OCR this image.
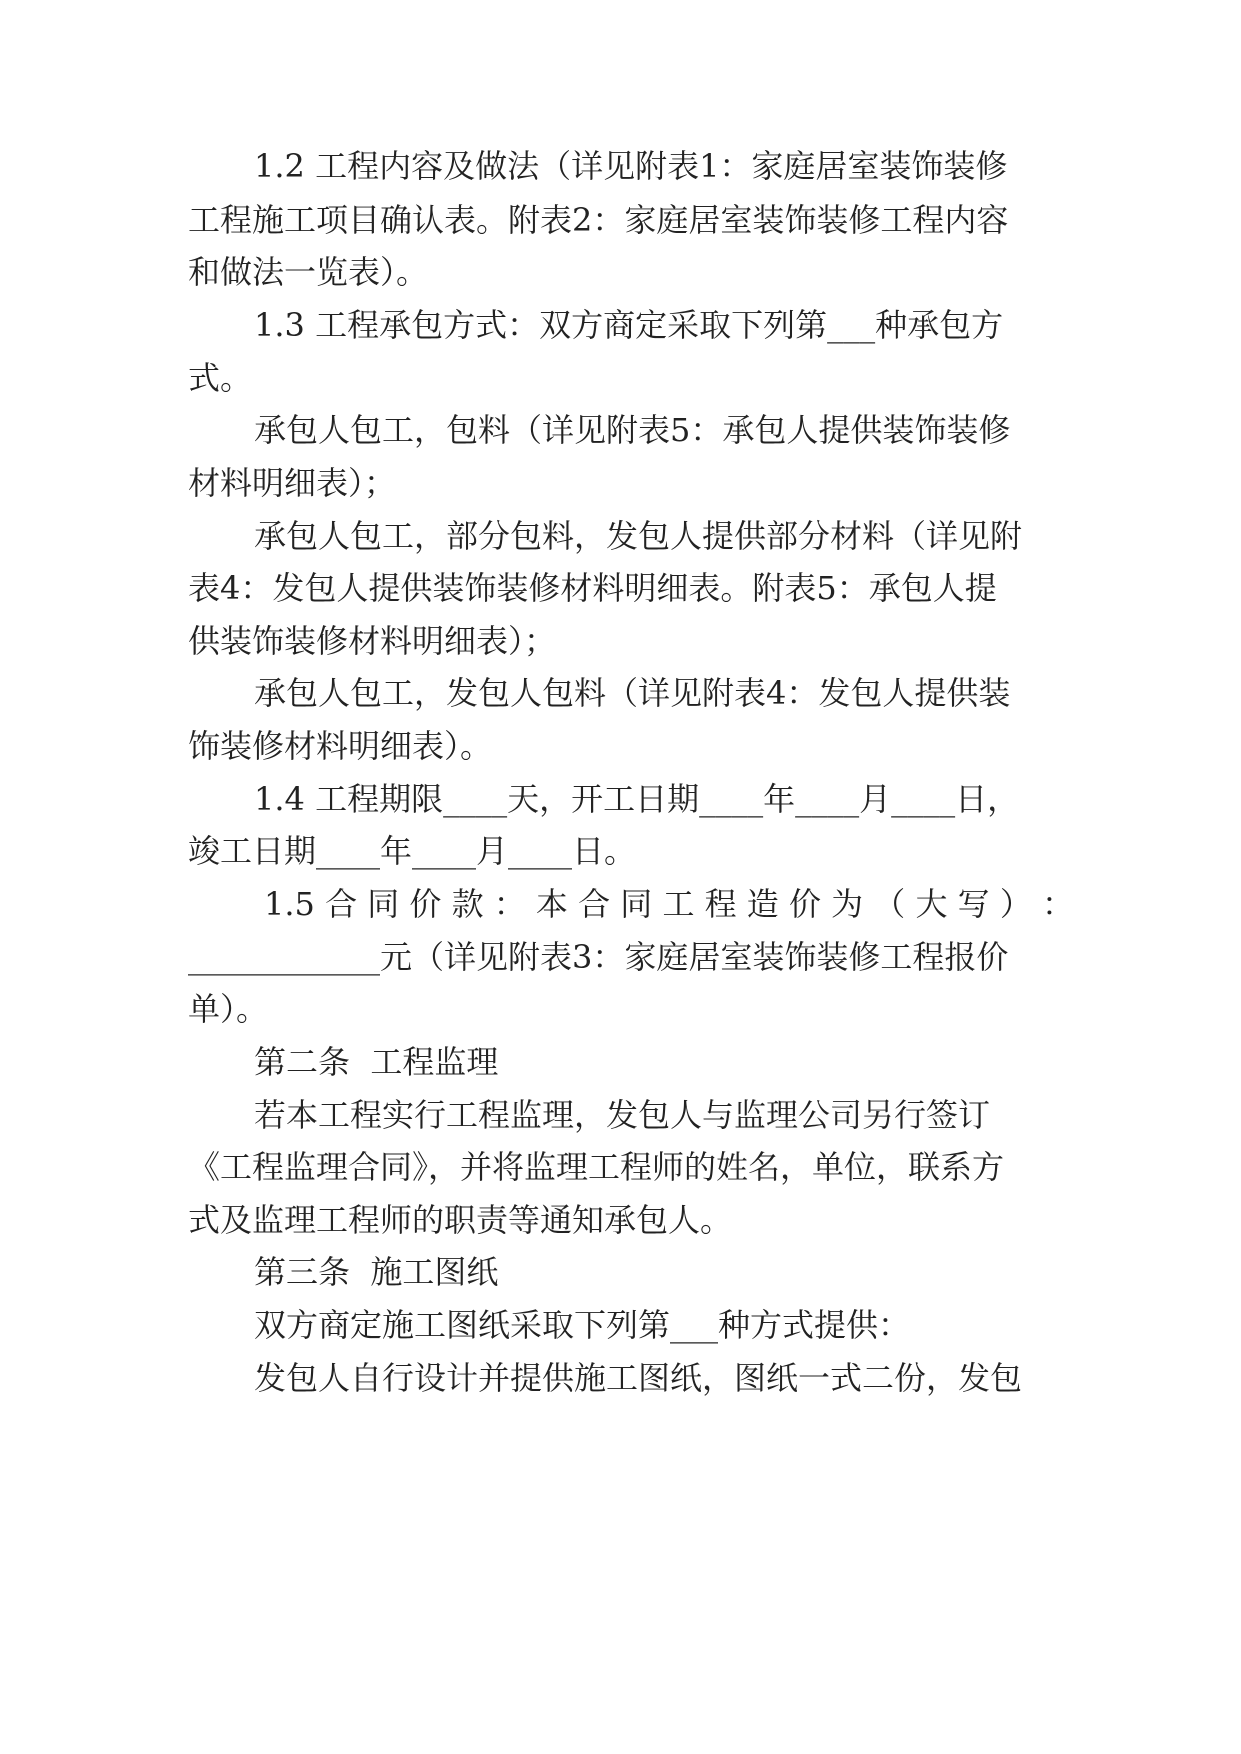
1.2 工程内容及做法（详见附表1：家庭居室装饰装修
工程施工项目确认表。附表2：家庭居室装饰装修工程内容
和做法一览表）。
1.3 工程承包方式：双方商定采取下列第___种承包方
式。
承包人包工，包料（详见附表5：承包人提供装饰装修
材料明细表）；
承包人包工，部分包料，发包人提供部分材料（详见附
表4：发包人提供装饰装修材料明细表。附表5：承包人提
供装饰装修材料明细表）；
承包人包工，发包人包料（详见附表4：发包人提供装
饰装修材料明细表）。
1.4 工程期限____天，开工日期____年____月____日，
竣工日期____年____月____日。
1.5 合 同 价 款 ： 本 合 同 工 程 造 价 为 （ 大 写 ） ：
____________元（详见附表3：家庭居室装饰装修工程报价
单）。
第二条  工程监理
若本工程实行工程监理，发包人与监理公司另行签订
《工程监理合同》，并将监理工程师的姓名，单位，联系方
式及监理工程师的职责等通知承包人。
第三条  施工图纸
双方商定施工图纸采取下列第___种方式提供：
发包人自行设计并提供施工图纸，图纸一式二份，发包
